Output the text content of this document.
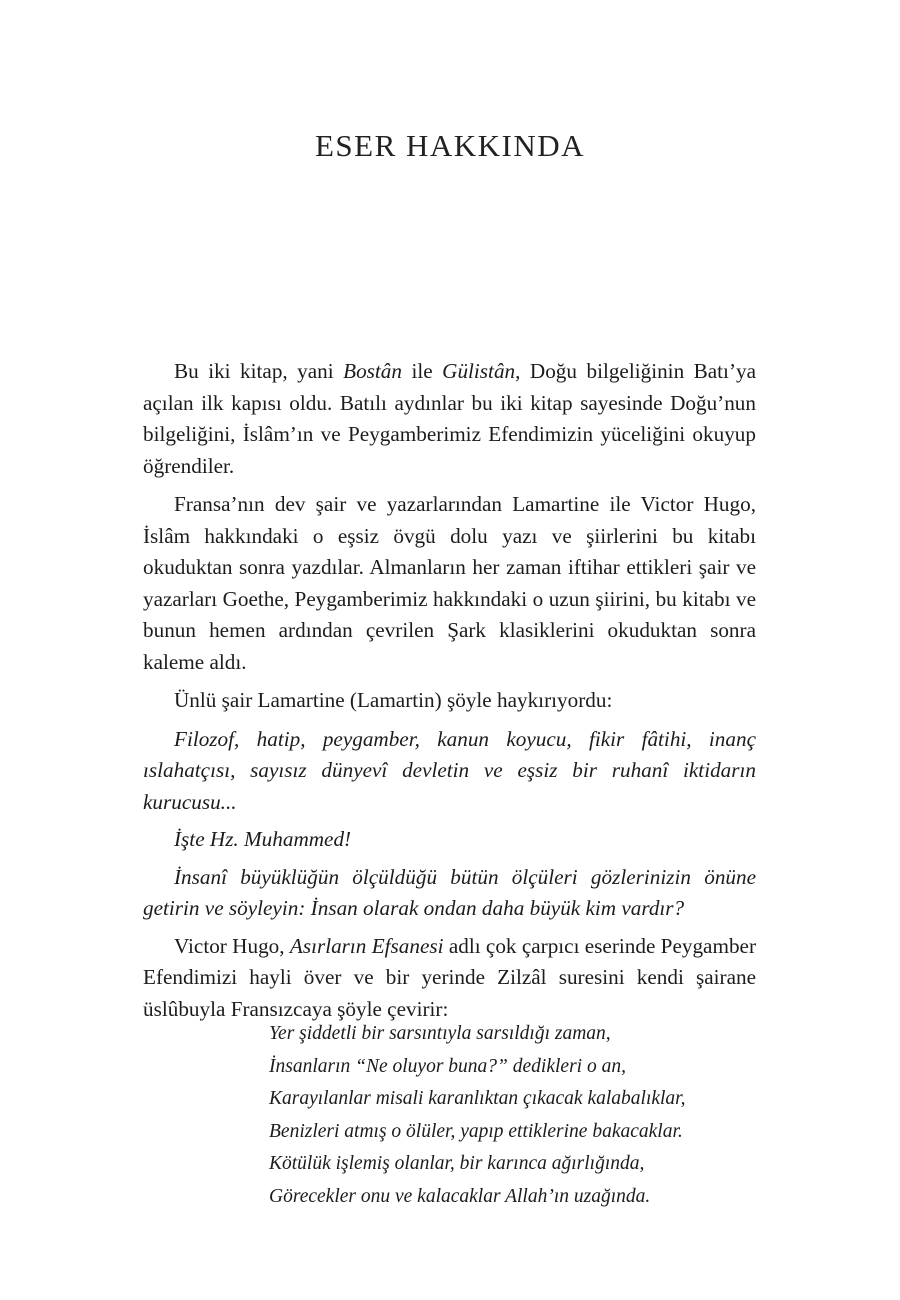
ESER HAKKINDA

Bu iki kitap, yani Bostân ile Gülistân, Doğu bilgeliğinin Batı’ya açılan ilk kapısı oldu. Batılı aydınlar bu iki kitap sayesinde Doğu’nun bilgeliğini, İslâm’ın ve Peygamberimiz Efendimizin yüceliğini okuyup öğrendiler.

Fransa’nın dev şair ve yazarlarından Lamartine ile Victor Hugo, İslâm hakkındaki o eşsiz övgü dolu yazı ve şiirlerini bu kitabı okuduktan sonra yazdılar. Almanların her zaman iftihar ettikleri şair ve yazarları Goethe, Peygamberimiz hakkındaki o uzun şiirini, bu kitabı ve bunun hemen ardından çevrilen Şark klasiklerini okuduktan sonra kaleme aldı.

Ünlü şair Lamartine (Lamartin) şöyle haykırıyordu:

Filozof, hatip, peygamber, kanun koyucu, fikir fâtihi, inanç ıslahatçısı, sayısız dünyevî devletin ve eşsiz bir ruhanî iktidarın kurucusu...

İşte Hz. Muhammed!

İnsanî büyüklüğün ölçüldüğü bütün ölçüleri gözlerinizin önüne getirin ve söyleyin: İnsan olarak ondan daha büyük kim vardır?

Victor Hugo, Asırların Efsanesi adlı çok çarpıcı eserinde Peygamber Efendimizi hayli över ve bir yerinde Zilzâl suresini kendi şairane üslûbuyla Fransızcaya şöyle çevirir:

Yer şiddetli bir sarsıntıyla sarsıldığı zaman,
İnsanların “Ne oluyor buna?” dedikleri o an,
Karayılanlar misali karanlıktan çıkacak kalabalıklar,
Benizleri atmış o ölüler, yapıp ettiklerine bakacaklar.
Kötülük işlemiş olanlar, bir karınca ağırlığında,
Görecekler onu ve kalacaklar Allah’ın uzağında.
